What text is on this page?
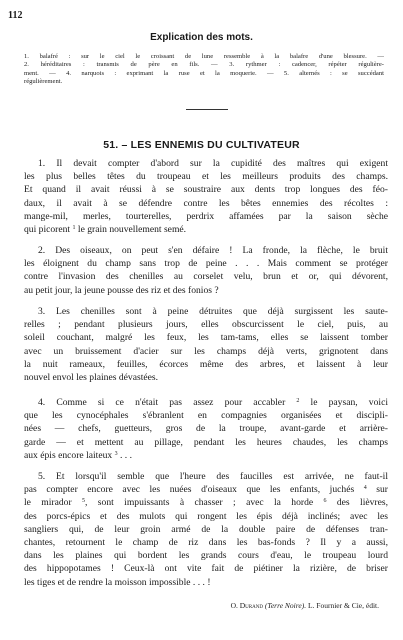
112
Explication des mots.
1. balafré : sur le ciel le croissant de lune ressemble à la balafre d'une blessure. —
2. héréditaires : transmis de père en fils. — 3. rythmer : cadencer, répéter régulière-
ment. — 4. narquois : exprimant la ruse et la moquerie. — 5. alternés : se succédant
régulièrement.
51. – LES ENNEMIS DU CULTIVATEUR
1. Il devait compter d'abord sur la cupidité des maîtres qui exigent
les plus belles têtes du troupeau et les meilleurs produits des champs.
Et quand il avait réussi à se soustraire aux dents trop longues des féo-
daux, il avait à se défendre contre les bêtes ennemies des récoltes :
mange-mil, merles, tourterelles, perdrix affamées par la saison sèche
qui picorent $^1$ le grain nouvellement semé.
2. Des oiseaux, on peut s'en défaire ! La fronde, la flèche, le bruit
les éloignent du champ sans trop de peine . . . Mais comment se protéger
contre l'invasion des chenilles au corselet velu, brun et or, qui dévorent,
au petit jour, la jeune pousse des riz et des fonios ?
3. Les chenilles sont à peine détruites que déjà surgissent les saute-
relles ; pendant plusieurs jours, elles obscurcissent le ciel, puis, au
soleil couchant, malgré les feux, les tam-tams, elles se laissent tomber
avec un bruissement d'acier sur les champs déjà verts, grignotent dans
la nuit rameaux, feuilles, écorces même des arbres, et laissent à leur
nouvel envol les plaines dévastées.
4. Comme si ce n'était pas assez pour accabler $^2$ le paysan, voici
que les cynocéphales s'ébranlent en compagnies organisées et discipli-
nées — chefs, guetteurs, gros de la troupe, avant-garde et arrière-
garde — et mettent au pillage, pendant les heures chaudes, les champs
aux épis encore laiteux $^3$ . . .
5. Et lorsqu'il semble que l'heure des faucilles est arrivée, ne faut-il
pas compter encore avec les nuées d'oiseaux que les enfants, juchés $^4$ sur
le mirador $^5$, sont impuissants à chasser ; avec la horde $^6$ des lièvres,
des porcs-épics et des mulots qui rongent les épis déjà inclinés; avec les
sangliers qui, de leur groin armé de la double paire de défenses tran-
chantes, retournent le champ de riz dans les bas-fonds ? Il y a aussi,
dans les plaines qui bordent les grands cours d'eau, le troupeau lourd
des hippopotames ! Ceux-là ont vite fait de piétiner la rizière, de briser
les tiges et de rendre la moisson impossible . . . !
O. Durand (Terre Noire). L. Fournier & Cie, édit.
